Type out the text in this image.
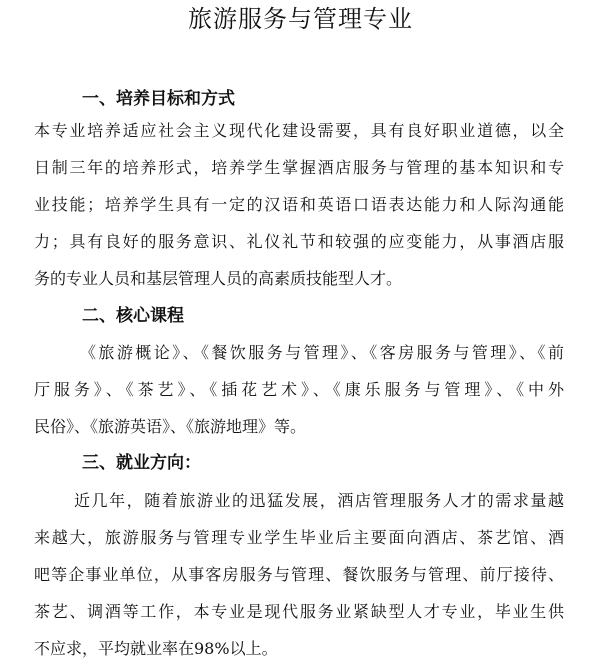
旅游服务与管理专业
一、培养目标和方式
本专业培养适应社会主义现代化建设需要，具有良好职业道德，以全
日制三年的培养形式，培养学生掌握酒店服务与管理的基本知识和专
业技能；培养学生具有一定的汉语和英语口语表达能力和人际沟通能
力；具有良好的服务意识、礼仪礼节和较强的应变能力，从事酒店服
务的专业人员和基层管理人员的高素质技能型人才。
二、核心课程
《旅游概论》、《餐饮服务与管理》、《客房服务与管理》、《前
厅服务》、《茶艺》、《插花艺术》、《康乐服务与管理》、《中外
民俗》、《旅游英语》、《旅游地理》等。
三、就业方向：
近几年，随着旅游业的迅猛发展，酒店管理服务人才的需求量越
来越大，旅游服务与管理专业学生毕业后主要面向酒店、茶艺馆、酒
吧等企事业单位，从事客房服务与管理、餐饮服务与管理、前厅接待、
茶艺、调酒等工作，本专业是现代服务业紧缺型人才专业，毕业生供
不应求，平均就业率在98%以上。
